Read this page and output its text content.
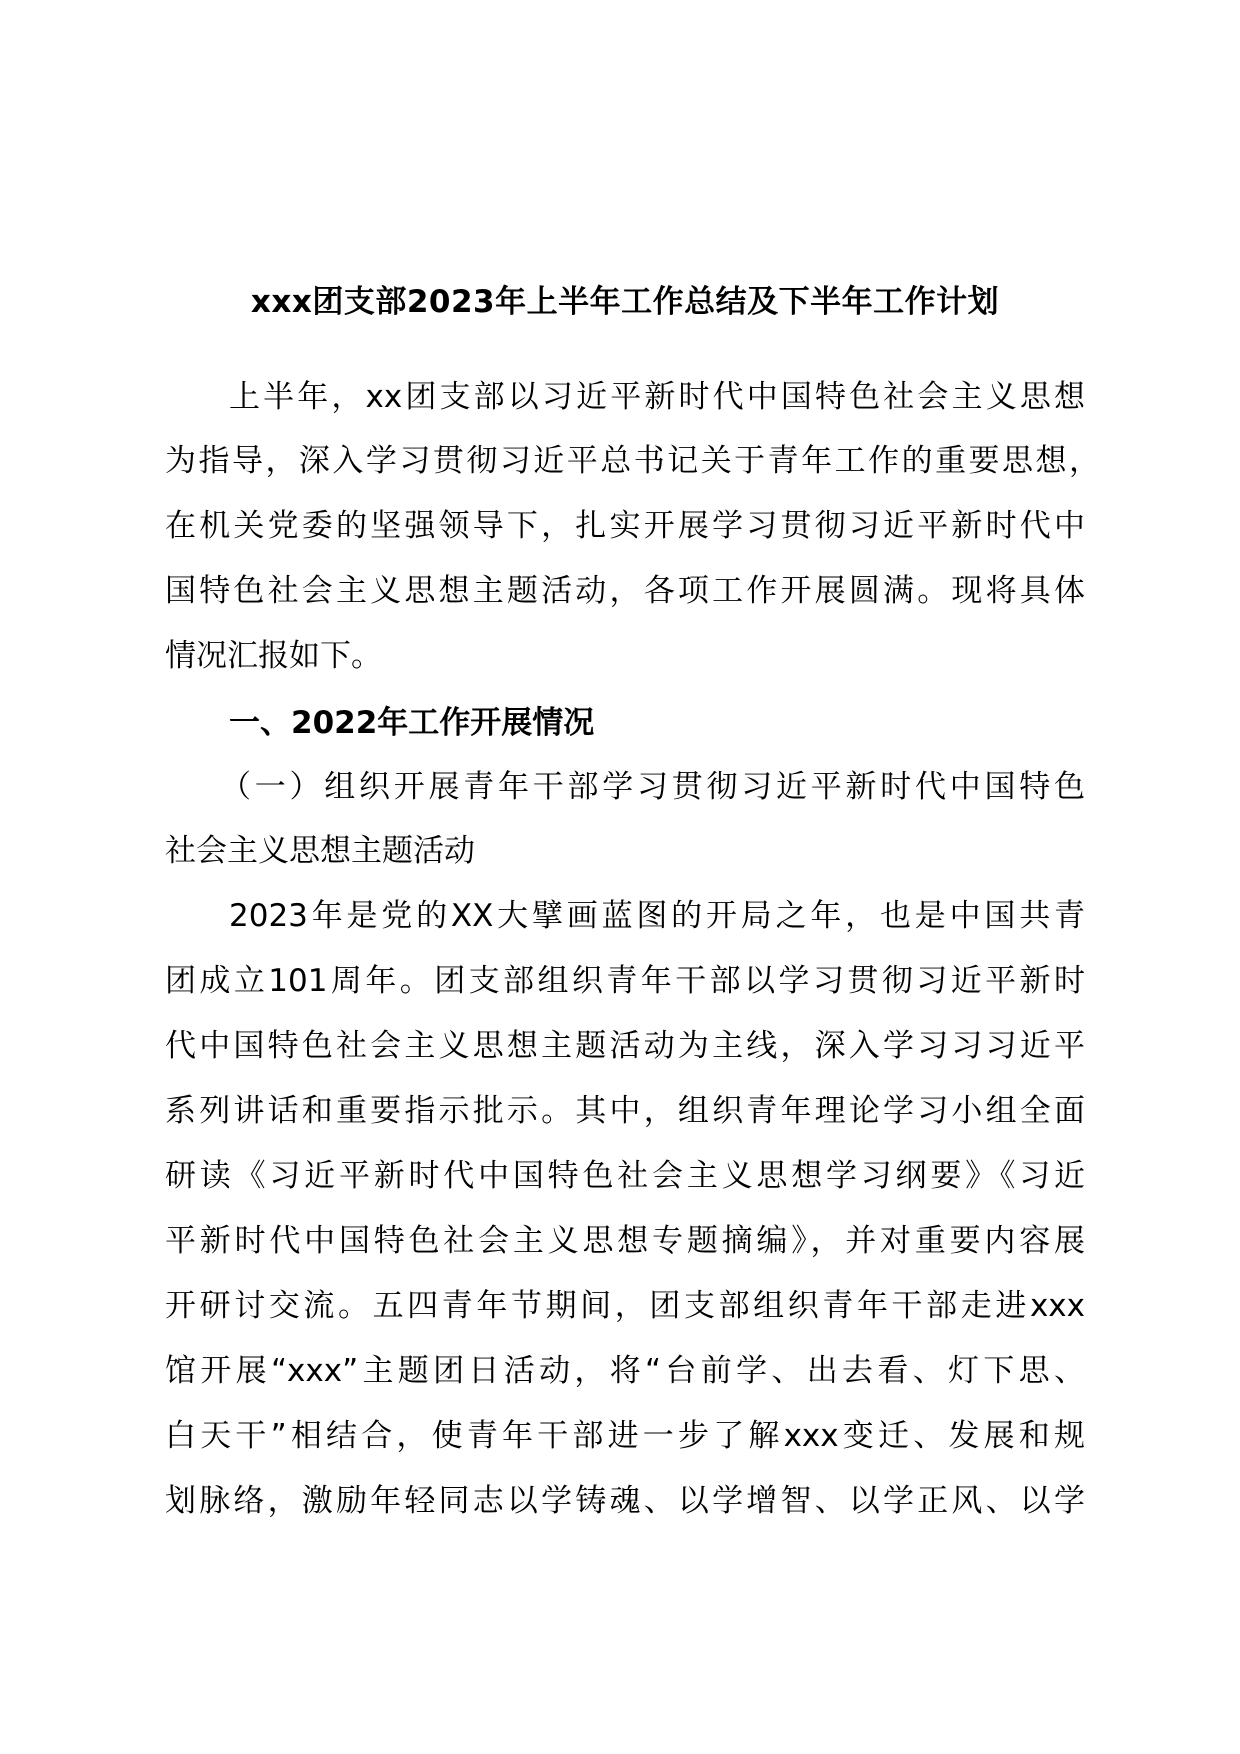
xxx团支部2023年上半年工作总结及下半年工作计划
上半年，xx团支部以习近平新时代中国特色社会主义思想
为指导，深入学习贯彻习近平总书记关于青年工作的重要思想，
在机关党委的坚强领导下，扎实开展学习贯彻习近平新时代中
国特色社会主义思想主题活动，各项工作开展圆满。现将具体
情况汇报如下。
一、2022年工作开展情况
（一）组织开展青年干部学习贯彻习近平新时代中国特色
社会主义思想主题活动
2023年是党的XX大擘画蓝图的开局之年，也是中国共青
团成立101周年。团支部组织青年干部以学习贯彻习近平新时
代中国特色社会主义思想主题活动为主线，深入学习习习近平
系列讲话和重要指示批示。其中，组织青年理论学习小组全面
研读《习近平新时代中国特色社会主义思想学习纲要》《习近
平新时代中国特色社会主义思想专题摘编》，并对重要内容展
开研讨交流。五四青年节期间，团支部组织青年干部走进xxx
馆开展“xxx”主题团日活动，将“台前学、出去看、灯下思、
白天干”相结合，使青年干部进一步了解xxx变迁、发展和规
划脉络，激励年轻同志以学铸魂、以学增智、以学正风、以学
